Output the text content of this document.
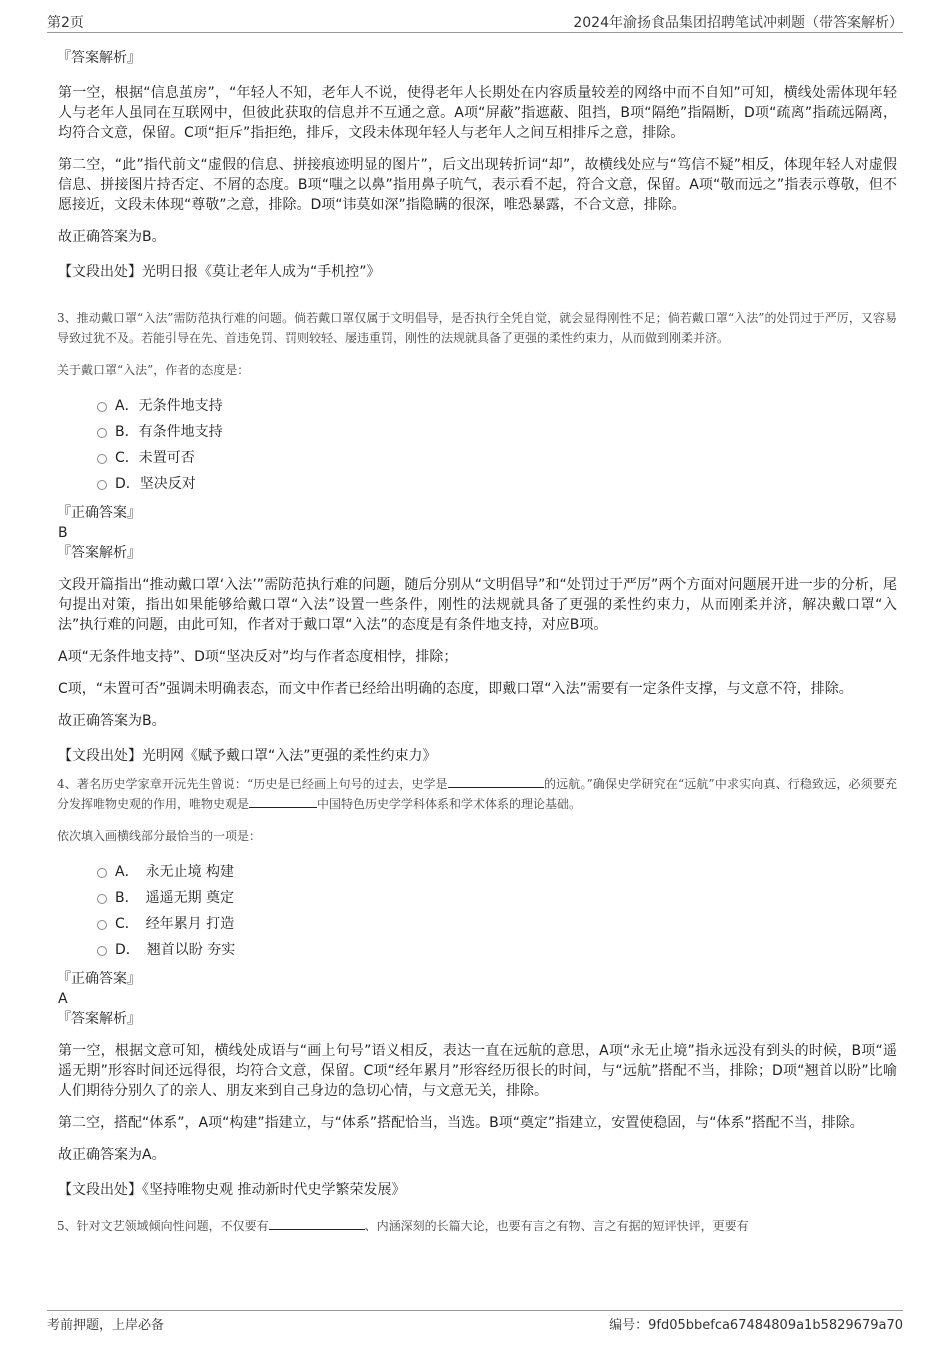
第2页	2024年渝扬食品集团招聘笔试冲刺题（带答案解析）

『答案解析』

第一空，根据“信息茧房”，“年轻人不知，老年人不说，使得老年人长期处在内容质量较差的网络中而不自知”可知，横线处需体现年轻人与老年人虽同在互联网中，但彼此获取的信息并不互通之意。A项“屏蔽”指遮蔽、阻挡，B项“隔绝”指隔断，D项“疏离”指疏远隔离，均符合文意，保留。C项“拒斥”指拒绝，排斥，文段未体现年轻人与老年人之间互相排斥之意，排除。

第二空，“此”指代前文“虚假的信息、拼接痕迹明显的图片”，后文出现转折词“却”，故横线处应与“笃信不疑”相反，体现年轻人对虚假信息、拼接图片持否定、不屑的态度。B项“嗤之以鼻”指用鼻子吭气，表示看不起，符合文意，保留。A项“敬而远之”指表示尊敬，但不愿接近，文段未体现“尊敬”之意，排除。D项“讳莫如深”指隐瞒的很深，唯恐暴露，不合文意，排除。

故正确答案为B。

【文段出处】光明日报《莫让老年人成为“手机控”》

3、推动戴口罩“入法”需防范执行难的问题。倘若戴口罩仅属于文明倡导，是否执行全凭自觉，就会显得刚性不足；倘若戴口罩“入法”的处罚过于严厉，又容易导致过犹不及。若能引导在先、首违免罚、罚则较轻、屡违重罚，刚性的法规就具备了更强的柔性约束力，从而做到刚柔并济。

关于戴口罩“入法”，作者的态度是：

A．无条件地支持
B．有条件地支持
C．未置可否
D．坚决反对

『正确答案』

B

『答案解析』

文段开篇指出“推动戴口罩‘入法’”需防范执行难的问题，随后分别从“文明倡导”和“处罚过于严厉”两个方面对问题展开进一步的分析，尾句提出对策，指出如果能够给戴口罩“入法”设置一些条件，刚性的法规就具备了更强的柔性约束力，从而刚柔并济，解决戴口罩“入法”执行难的问题，由此可知，作者对于戴口罩“入法”的态度是有条件地支持，对应B项。

A项“无条件地支持”、D项“坚决反对”均与作者态度相悖，排除；

C项，“未置可否”强调未明确表态，而文中作者已经给出明确的态度，即戴口罩“入法”需要有一定条件支撑，与文意不符，排除。

故正确答案为B。

【文段出处】光明网《赋予戴口罩“入法”更强的柔性约束力》

4、著名历史学家章开沅先生曾说：“历史是已经画上句号的过去，史学是	的远航。”确保史学研究在“远航”中求实向真、行稳致远，必须要充分发挥唯物史观的作用，唯物史观是	中国特色历史学学科体系和学术体系的理论基础。

依次填入画横线部分最恰当的一项是：

A．　永无止境 构建
B．　遥遥无期 奠定
C．　经年累月 打造
D．　翘首以盼 夯实

『正确答案』

A

『答案解析』

第一空，根据文意可知，横线处成语与“画上句号”语义相反，表达一直在远航的意思，A项“永无止境”指永远没有到头的时候，B项“遥遥无期”形容时间还远得很，均符合文意，保留。C项“经年累月”形容经历很长的时间，与“远航”搭配不当，排除；D项“翘首以盼”比喻人们期待分别久了的亲人、朋友来到自己身边的急切心情，与文意无关，排除。

第二空，搭配“体系”，A项“构建”指建立，与“体系”搭配恰当，当选。B项“奠定”指建立，安置使稳固，与“体系”搭配不当，排除。

故正确答案为A。

【文段出处】《坚持唯物史观 推动新时代史学繁荣发展》

5、针对文艺领域倾向性问题，不仅要有	、内涵深刻的长篇大论，也要有言之有物、言之有据的短评快评，更要有

考前押题，上岸必备	编号：9fd05bbefca67484809a1b5829679a70
